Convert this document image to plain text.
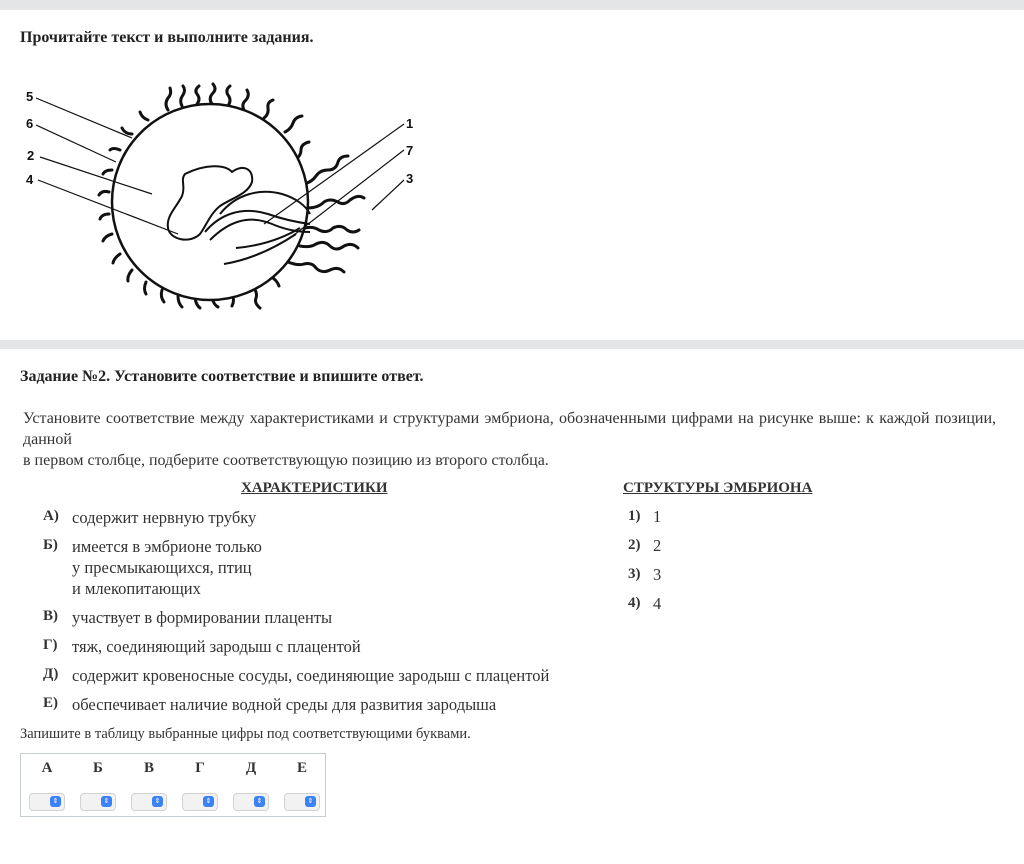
Прочитайте текст и выполните задания.
5
6
2
4
1
7
3
Задание №2. Установите соответствие и впишите ответ.
Установите соответствие между характеристиками и структурами эмбриона, обозначенными цифрами на рисунке выше: к каждой позиции, данной
в первом столбце, подберите соответствующую позицию из второго столбца.
ХАРАКТЕРИСТИКИ	СТРУКТУРЫ ЭМБРИОНА
А) содержит нервную трубку
Б) имеется в эмбрионе только
у пресмыкающихся, птиц
и млекопитающих
В) участвует в формировании плаценты
Г) тяж, соединяющий зародыш с плацентой
Д) содержит кровеносные сосуды, соединяющие зародыш с плацентой
Е) обеспечивает наличие водной среды для развития зародыша
1) 1
2) 2
3) 3
4) 4
Запишите в таблицу выбранные цифры под соответствующими буквами.
А	Б	В	Г	Д	Е
⇕	⇕	⇕	⇕	⇕	⇕
